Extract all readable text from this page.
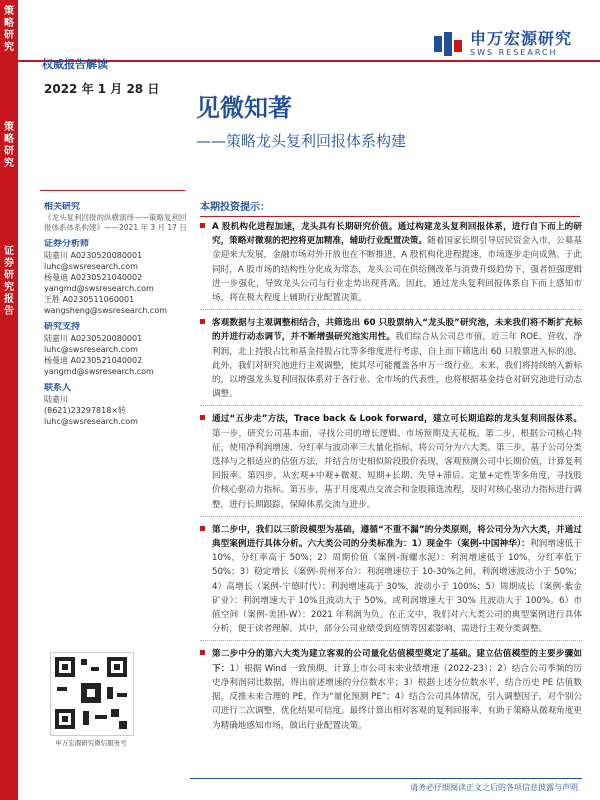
策略研究
策略研究
证券研究报告
权威报告解读
申万宏源研究
SWS RESEARCH
2022 年 1 月 28 日
见微知著
——策略龙头复利回报体系构建
相关研究
《龙头复利回报的纵横演绎——策略复利回报体系体系构建》——2021 年 3 月 17 日
证券分析师
陆嘉川 A0230520080001
luhc@swsresearch.com
杨曼迪 A0230521040002
yangmd@swsresearch.com
王胜 A0230511060001
wangsheng@swsresearch.com
研究支持
陆嘉川 A0230520080001
luhc@swsresearch.com
杨曼迪 A0230521040002
yangmd@swsresearch.com
联系人
陆嘉川
(8621)23297818×转
luhc@swsresearch.com
申万宏源研究微信服务号
本期投资提示：
A 股机构化进程加速，龙头具有长期研究价值。通过构建龙头复利回报体系，进行自下而上的研究，策略对微观的把控将更加精准，辅助行业配置决策。随着国家长期引导居民资金入市，公募基金迎来大发展，金融市场对外开放也在不断推进，A 股机构化进程提速，市场逐步走向成熟。于此同时，A 股市场的结构性分化成为常态，龙头公司在供给侧改革与消费升级趋势下，强者恒强逻辑进一步强化，导致龙头公司与行业走势出现背离。因此，通过龙头复利回报体系自下而上感知市场，将在极大程度上辅助行业配置决策。
客观数据与主观调整相结合，共筛选出 60 只股票纳入“龙头股”研究池，未来我们将不断扩充标的并进行动态调节，并不断增强研究池实用性。我们综合从公司总市值，近三年 ROE、营收、净利润，北上持股占比和基金持股占比等多维度进行考虑，自上而下筛选出 60 只股票进入标的池。此外，我们对研究池进行主观调整，使其尽可能覆盖各申万一级行业。未来，我们将持续纳入新标的，以增强龙头复利回报体系对于各行业、全市场的代表性，也将根据基金持仓对研究池进行动态调整。
通过“五步走”方法，Trace back & Look forward，建立可长期追踪的龙头复利回报体系。第一步，研究公司基本面，寻找公司的增长逻辑、市场预期及天花板。第二步，根据公司核心特征，使用净利润增速、分红率与波动率三大量化指标，将公司分为六大类。第三步，基于公司分类选择与之相适应的估值方法，并结合历史相似阶段股价表现，客观预测公司中长期价值，计算复利回报率。第四步，从宏观+中观+微观、短期+长期、先导+滞后、定量+定性等多角度，寻找股价核心驱动力指标。第五步，基于月度观点交流会和金股筛选流程，及时对核心驱动力指标进行调整，进行长期跟踪，保障体系交流与进步。
第二步中，我们以三阶段模型为基础，遵循“不重不漏”的分类原则，将公司分为六大类，并通过典型案例进行具体分析。六大类公司的分类标准为：1）现金牛（案例-中国神华）：利润增速低于 10%，分红率高于 50%；2）周期价值（案例-海螺水泥）：利润增速低于 10%，分红率低于 50%；3）稳定增长（案例-贵州茅台）：利润增速位于 10-30%之间，利润增速波动小于 50%；4）高增长（案例-宁德时代）：利润增速高于 30%，波动小于 100%；5）周期成长（案例-紫金矿业）：利润增速大于 10%且波动大于 50%，或利润增速大于 30% 且波动大于 100%。6）市值空间（案例-美团-W）：2021 年利润为负。在正文中，我们对六大类公司的典型案例进行具体分析，便于读者理解。其中，部分公司业绩受到疫情等因素影响，需进行主观分类调整。
第二步中分的第六大类为建立客观的公司量化估值模型奠定了基础。建立估值模型的主要步骤如下：1）根据 Wind 一致预期，计算上市公司未来业绩增速（2022-23）；2）结合公司季频的历史净利润同比数据，得出前述增速的分位数水平；3）根据上述分位数水平，结合历史 PE 估值数据，反推未来合理的 PE，作为“量化预测 PE”；4）结合公司具体情况，引入调整因子，对个别公司进行二次调整，优化结果可信度。最终计算出相对客观的复利回报率，有助于策略从微观角度更为精确地感知市场，做出行业配置决策。
请务必仔细阅读正文之后的各项信息披露与声明
